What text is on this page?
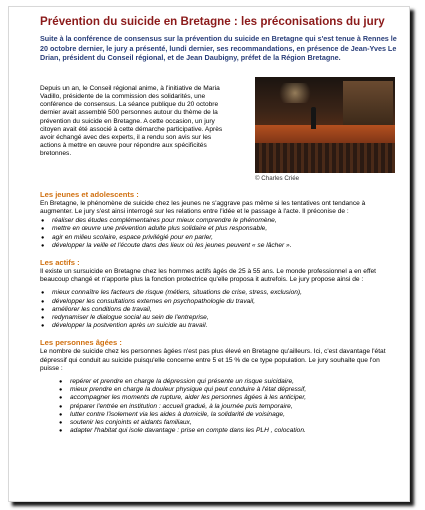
Prévention du suicide en Bretagne : les préconisations du jury
Suite à la conférence de consensus sur la prévention du suicide en Bretagne qui s'est tenue à Rennes le 20 octobre dernier, le jury a présenté, lundi dernier, ses recommandations, en présence de Jean-Yves Le Drian, président du Conseil régional, et de Jean Daubigny, préfet de la Région Bretagne.
Depuis un an, le Conseil régional anime, à l'initiative de Maria Vadillo, présidente de la commission des solidarités, une conférence de consensus. La séance publique du 20 octobre dernier avait assemblé 500 personnes autour du thème de la prévention du suicide en Bretagne. A cette occasion, un jury citoyen avait été associé à cette démarche participative. Après avoir échangé avec des experts, il a rendu son avis sur les actions à mettre en œuvre pour répondre aux spécificités bretonnes.
© Charles Criée
Les jeunes et adolescents :

En Bretagne, le phénomène de suicide chez les jeunes ne s'aggrave pas même si les tentatives ont tendance à augmenter. Le jury s'est ainsi interrogé sur les relations entre l'idée et le passage à l'acte. Il préconise de :

● réaliser des études complémentaires pour mieux comprendre le phénomène,
● mettre en œuvre une prévention adulte plus solidaire et plus responsable,
● agir en milieu scolaire, espace privilégié pour en parler,
● développer la veille et l'écoute dans des lieux où les jeunes peuvent « se lâcher ».
Les actifs :

Il existe un sursuicide en Bretagne chez les hommes actifs âgés de 25 à 55 ans. Le monde professionnel a en effet beaucoup changé et n'apporte plus la fonction protectrice qu'elle proposa it autrefois. Le jury propose ainsi de :

● mieux connaître les facteurs de risque (métiers, situations de crise, stress, exclusion),
● développer les consultations externes en psychopathologie du travail,
● améliorer les conditions de travail,
● redynamiser le dialogue social au sein de l'entreprise,
● développer la postvention après un suicide au travail.
Les personnes âgées :

Le nombre de suicide chez les personnes âgées n'est pas plus élevé en Bretagne qu'ailleurs. Ici, c'est davantage l'état dépressif qui conduit au suicide puisqu'elle concerne entre 5 et 15 % de ce type population. Le jury souhaite que l'on puisse :

● repérer et prendre en charge la dépression qui présente un risque suicidaire,
● mieux prendre en charge la douleur physique qui peut conduire à l'état dépressif,
● accompagner les moments de rupture, aider les personnes âgées à les anticiper,
● préparer l'entrée en institution : accueil gradué, à la journée puis temporaire,
● lutter contre l'isolement via les aides à domicile, la solidarité de voisinage,
● soutenir les conjoints et aidants familiaux,
● adapter l'habitat qui isole davantage : prise en compte dans les PLH , colocation.
